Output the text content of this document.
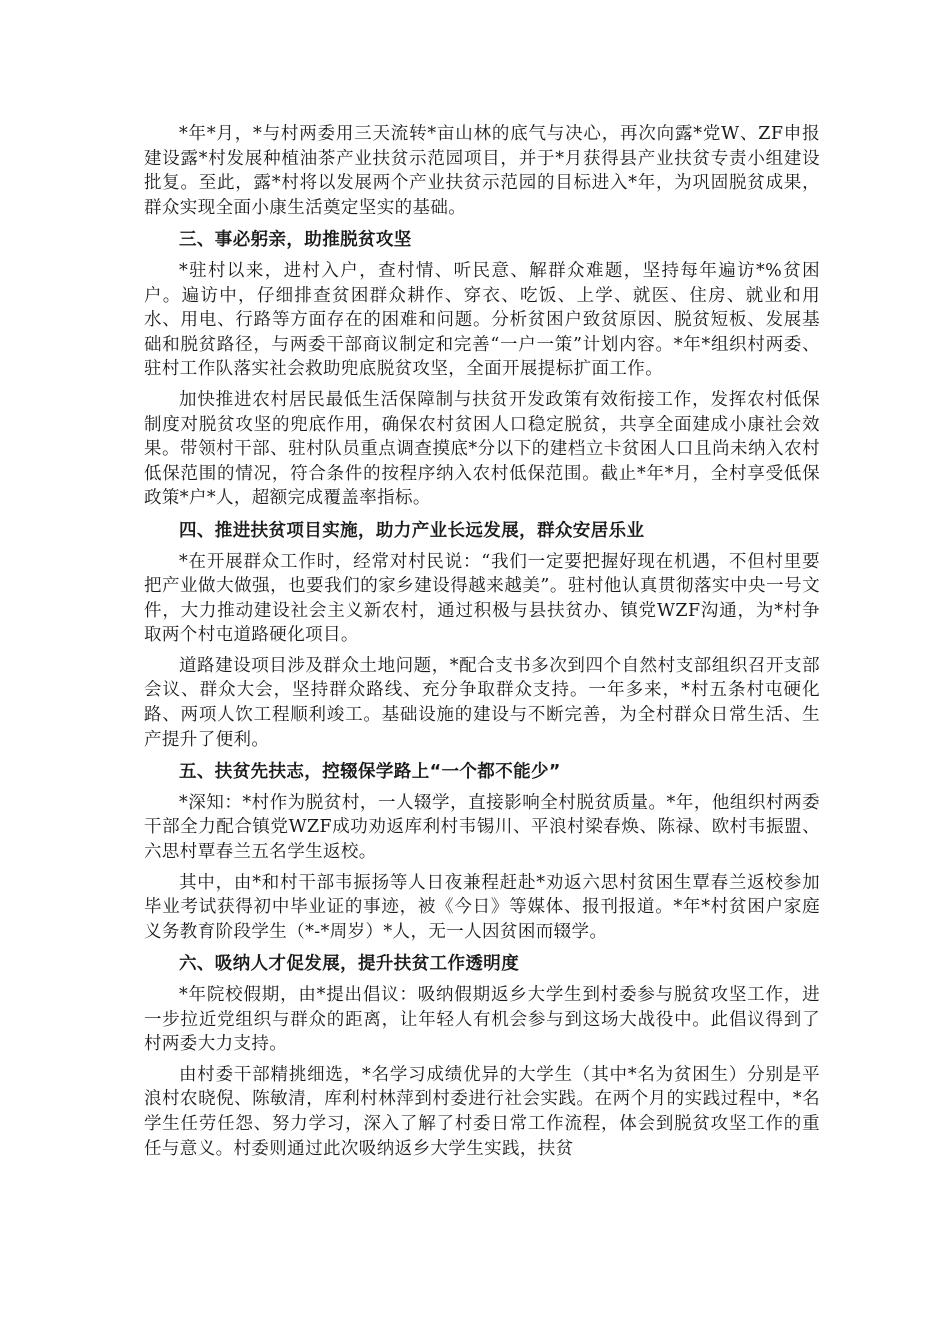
*年*月，*与村两委用三天流转*亩山林的底气与决心，再次向露*党W、ZF申报建设露*村发展种植油茶产业扶贫示范园项目，并于*月获得县产业扶贫专责小组建设批复。至此，露*村将以发展两个产业扶贫示范园的目标进入*年，为巩固脱贫成果，群众实现全面小康生活奠定坚实的基础。

三、事必躬亲，助推脱贫攻坚

*驻村以来，进村入户，查村情、听民意、解群众难题，坚持每年遍访*%贫困户。遍访中，仔细排查贫困群众耕作、穿衣、吃饭、上学、就医、住房、就业和用水、用电、行路等方面存在的困难和问题。分析贫困户致贫原因、脱贫短板、发展基础和脱贫路径，与两委干部商议制定和完善“一户一策”计划内容。*年*组织村两委、驻村工作队落实社会救助兜底脱贫攻坚，全面开展提标扩面工作。

加快推进农村居民最低生活保障制与扶贫开发政策有效衔接工作，发挥农村低保制度对脱贫攻坚的兜底作用，确保农村贫困人口稳定脱贫，共享全面建成小康社会效果。带领村干部、驻村队员重点调查摸底*分以下的建档立卡贫困人口且尚未纳入农村低保范围的情况，符合条件的按程序纳入农村低保范围。截止*年*月，全村享受低保政策*户*人，超额完成覆盖率指标。

四、推进扶贫项目实施，助力产业长远发展，群众安居乐业

*在开展群众工作时，经常对村民说：“我们一定要把握好现在机遇，不但村里要把产业做大做强，也要我们的家乡建设得越来越美”。驻村他认真贯彻落实中央一号文件，大力推动建设社会主义新农村，通过积极与县扶贫办、镇党WZF沟通，为*村争取两个村屯道路硬化项目。

道路建设项目涉及群众土地问题，*配合支书多次到四个自然村支部组织召开支部会议、群众大会，坚持群众路线、充分争取群众支持。一年多来，*村五条村屯硬化路、两项人饮工程顺利竣工。基础设施的建设与不断完善，为全村群众日常生活、生产提升了便利。

五、扶贫先扶志，控辍保学路上“一个都不能少”

*深知：*村作为脱贫村，一人辍学，直接影响全村脱贫质量。*年，他组织村两委干部全力配合镇党WZF成功劝返库利村韦锡川、平浪村梁春焕、陈禄、欧村韦振盟、六思村覃春兰五名学生返校。

其中，由*和村干部韦振扬等人日夜兼程赶赴*劝返六思村贫困生覃春兰返校参加毕业考试获得初中毕业证的事迹，被《今日》等媒体、报刊报道。*年*村贫困户家庭义务教育阶段学生（*-*周岁）*人，无一人因贫困而辍学。

六、吸纳人才促发展，提升扶贫工作透明度

*年院校假期，由*提出倡议：吸纳假期返乡大学生到村委参与脱贫攻坚工作，进一步拉近党组织与群众的距离，让年轻人有机会参与到这场大战役中。此倡议得到了村两委大力支持。

由村委干部精挑细选，*名学习成绩优异的大学生（其中*名为贫困生）分别是平浪村农晓倪、陈敏清，库利村林萍到村委进行社会实践。在两个月的实践过程中，*名学生任劳任怨、努力学习，深入了解了村委日常工作流程，体会到脱贫攻坚工作的重任与意义。村委则通过此次吸纳返乡大学生实践，扶贫
